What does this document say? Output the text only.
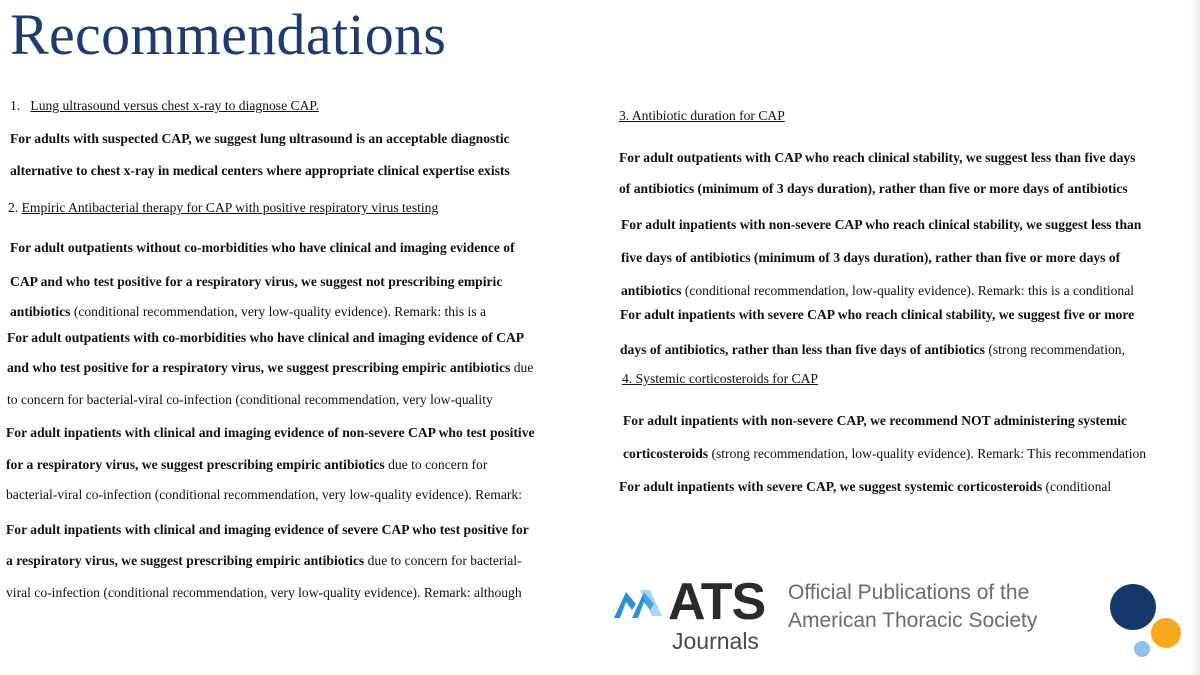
Recommendations
1. Lung ultrasound versus chest x-ray to diagnose CAP.
For adults with suspected CAP, we suggest lung ultrasound is an acceptable diagnostic
alternative to chest x-ray in medical centers where appropriate clinical expertise exists
2. Empiric Antibacterial therapy for CAP with positive respiratory virus testing
For adult outpatients without co-morbidities who have clinical and imaging evidence of
CAP and who test positive for a respiratory virus, we suggest not prescribing empiric
antibiotics (conditional recommendation, very low-quality evidence). Remark: this is a
For adult outpatients with co-morbidities who have clinical and imaging evidence of CAP
and who test positive for a respiratory virus, we suggest prescribing empiric antibiotics due
to concern for bacterial-viral co-infection (conditional recommendation, very low-quality
For adult inpatients with clinical and imaging evidence of non-severe CAP who test positive
for a respiratory virus, we suggest prescribing empiric antibiotics due to concern for
bacterial-viral co-infection (conditional recommendation, very low-quality evidence). Remark:
For adult inpatients with clinical and imaging evidence of severe CAP who test positive for
a respiratory virus, we suggest prescribing empiric antibiotics due to concern for bacterial-
viral co-infection (conditional recommendation, very low-quality evidence). Remark: although
3. Antibiotic duration for CAP
For adult outpatients with CAP who reach clinical stability, we suggest less than five days
of antibiotics (minimum of 3 days duration), rather than five or more days of antibiotics
For adult inpatients with non-severe CAP who reach clinical stability, we suggest less than
five days of antibiotics (minimum of 3 days duration), rather than five or more days of
antibiotics (conditional recommendation, low-quality evidence). Remark: this is a conditional
For adult inpatients with severe CAP who reach clinical stability, we suggest five or more
days of antibiotics, rather than less than five days of antibiotics (strong recommendation,
4. Systemic corticosteroids for CAP
For adult inpatients with non-severe CAP, we recommend NOT administering systemic
corticosteroids (strong recommendation, low-quality evidence). Remark: This recommendation
For adult inpatients with severe CAP, we suggest systemic corticosteroids (conditional
ATS
Journals
Official Publications of the
American Thoracic Society
